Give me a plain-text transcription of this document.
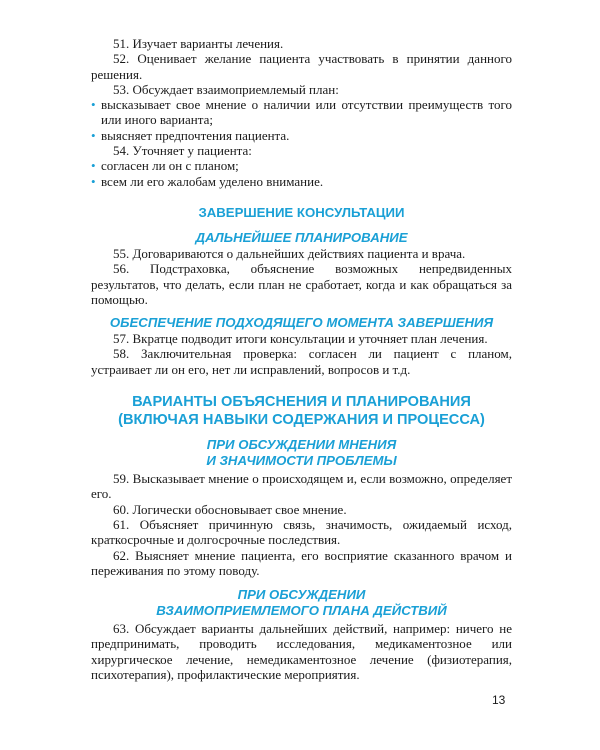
51. Изучает варианты лечения.

52. Оценивает желание пациента участвовать в принятии данного решения.

53. Обсуждает взаимоприемлемый план:

• высказывает свое мнение о наличии или отсутствии преимуществ того или иного варианта;
• выясняет предпочтения пациента.

54. Уточняет у пациента:

• согласен ли он с планом;
• всем ли его жалобам уделено внимание.
ЗАВЕРШЕНИЕ КОНСУЛЬТАЦИИ
ДАЛЬНЕЙШЕЕ ПЛАНИРОВАНИЕ

55. Договариваются о дальнейших действиях пациента и врача.

56. Подстраховка, объяснение возможных непредвиденных результатов, что делать, если план не сработает, когда и как обращаться за помощью.

ОБЕСПЕЧЕНИЕ ПОДХОДЯЩЕГО МОМЕНТА ЗАВЕРШЕНИЯ

57. Вкратце подводит итоги консультации и уточняет план лечения.

58. Заключительная проверка: согласен ли пациент с планом, устраивает ли он его, нет ли исправлений, вопросов и т.д.

ВАРИАНТЫ ОБЪЯСНЕНИЯ И ПЛАНИРОВАНИЯ
(ВКЛЮЧАЯ НАВЫКИ СОДЕРЖАНИЯ И ПРОЦЕССА)
ПРИ ОБСУЖДЕНИИ МНЕНИЯ
И ЗНАЧИМОСТИ ПРОБЛЕМЫ

59. Высказывает мнение о происходящем и, если возможно, определяет его.

60. Логически обосновывает свое мнение.

61. Объясняет причинную связь, значимость, ожидаемый исход, краткосрочные и долгосрочные последствия.

62. Выясняет мнение пациента, его восприятие сказанного врачом и переживания по этому поводу.

ПРИ ОБСУЖДЕНИИ
ВЗАИМОПРИЕМЛЕМОГО ПЛАНА ДЕЙСТВИЙ

63. Обсуждает варианты дальнейших действий, например: ничего не предпринимать, проводить исследования, медикаментозное или хирургическое лечение, немедикаментозное лечение (физиотерапия, психотерапия), профилактические мероприятия.

13
